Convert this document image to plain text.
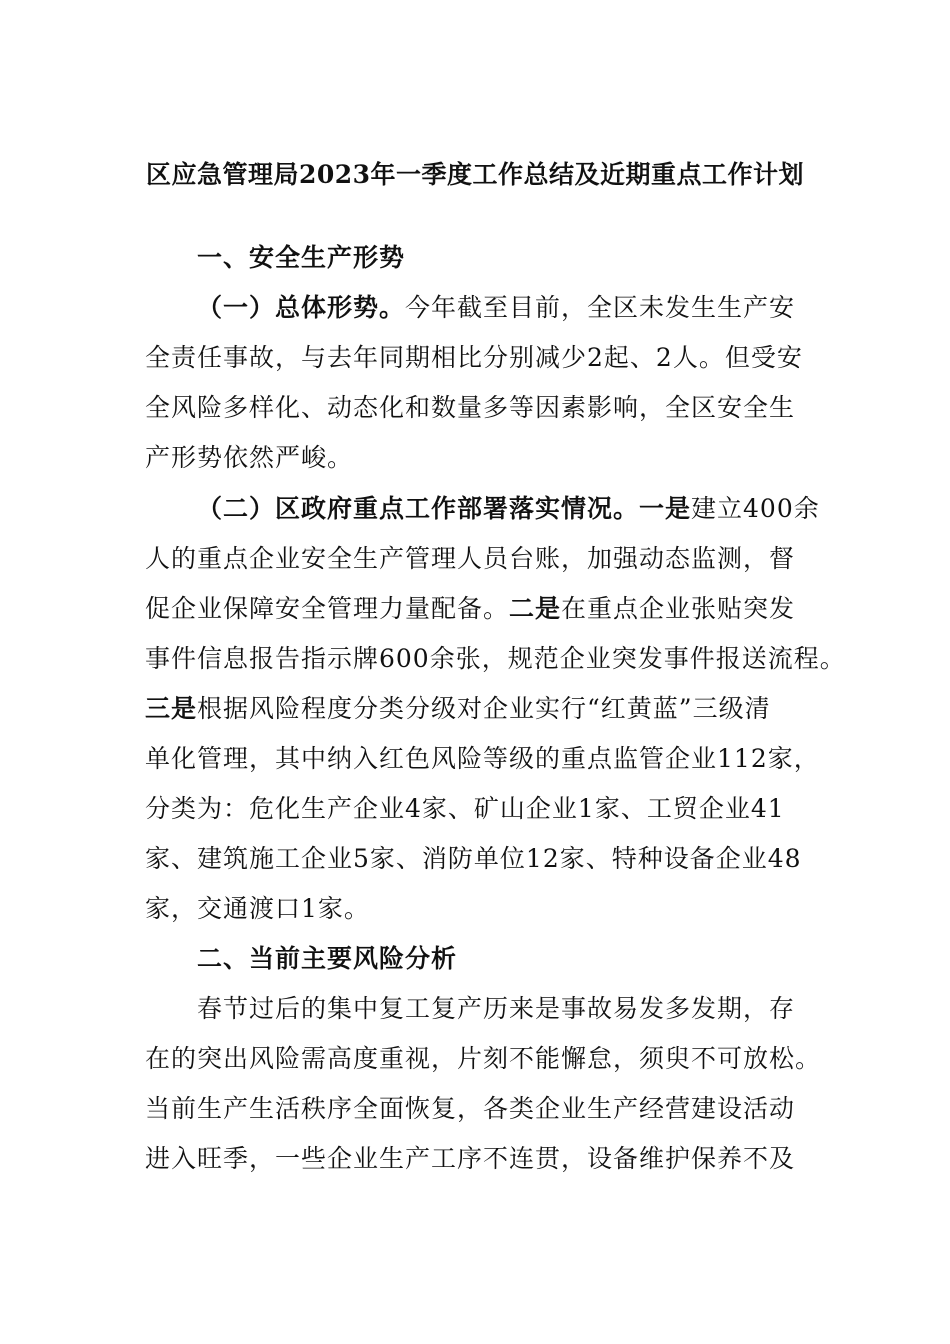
区应急管理局2023年一季度工作总结及近期重点工作计划
一、安全生产形势
（一）总体形势。今年截至目前，全区未发生生产安
全责任事故，与去年同期相比分别减少2起、2人。但受安
全风险多样化、动态化和数量多等因素影响，全区安全生
产形势依然严峻。
（二）区政府重点工作部署落实情况。一是建立400余
人的重点企业安全生产管理人员台账，加强动态监测，督
促企业保障安全管理力量配备。二是在重点企业张贴突发
事件信息报告指示牌600余张，规范企业突发事件报送流程。
三是根据风险程度分类分级对企业实行“红黄蓝”三级清
单化管理，其中纳入红色风险等级的重点监管企业112家，
分类为：危化生产企业4家、矿山企业1家、工贸企业41
家、建筑施工企业5家、消防单位12家、特种设备企业48
家，交通渡口1家。
二、当前主要风险分析
春节过后的集中复工复产历来是事故易发多发期，存
在的突出风险需高度重视，片刻不能懈怠，须臾不可放松。
当前生产生活秩序全面恢复，各类企业生产经营建设活动
进入旺季，一些企业生产工序不连贯，设备维护保养不及
